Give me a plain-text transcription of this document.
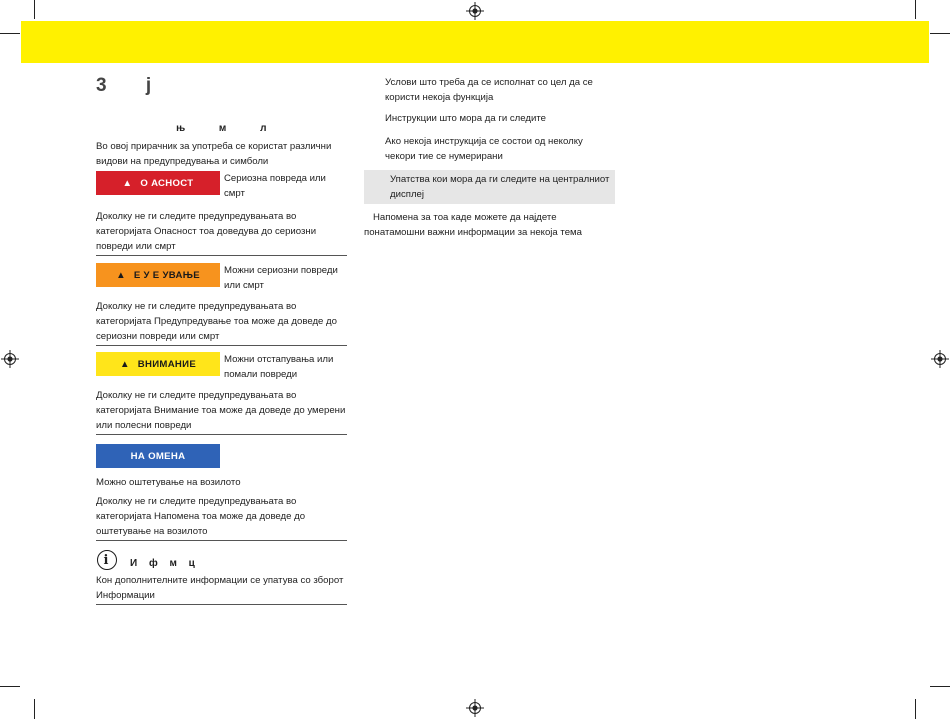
3 j
њ м л
Во овој прирачник за употреба се користат различни видови на предупредувања и симболи
▲ О АСНОСТ	Сериозна повреда или смрт
Доколку не ги следите предупредувањата во категоријата Опасност тоа доведува до сериозни повреди или смрт
▲ Е У Е УВАЊЕ	Можни сериозни повреди или смрт
Доколку не ги следите предупредувањата во категоријата Предупредување тоа може да доведе до сериозни повреди или смрт
▲ ВНИМАНИЕ	Можни отстапувања или помали повреди
Доколку не ги следите предупредувањата во категоријата Внимание тоа може да доведе до умерени или полесни повреди
НА ОМЕНА
Можно оштетување на возилото
Доколку не ги следите предупредувањата во категоријата Напомена тоа може да доведе до оштетување на возилото
i	И ф м ц
Кон дополнителните информации се упатува со зборот Информации
Услови што треба да се исполнат со цел да се користи некоја функција
Инструкции што мора да ги следите
Ако некоја инструкција се состои од неколку чекори тие се нумерирани
Упатства кои мора да ги следите на централниот дисплеј
Напомена за тоа каде можете да најдете понатамошни важни информации за некоја тема
